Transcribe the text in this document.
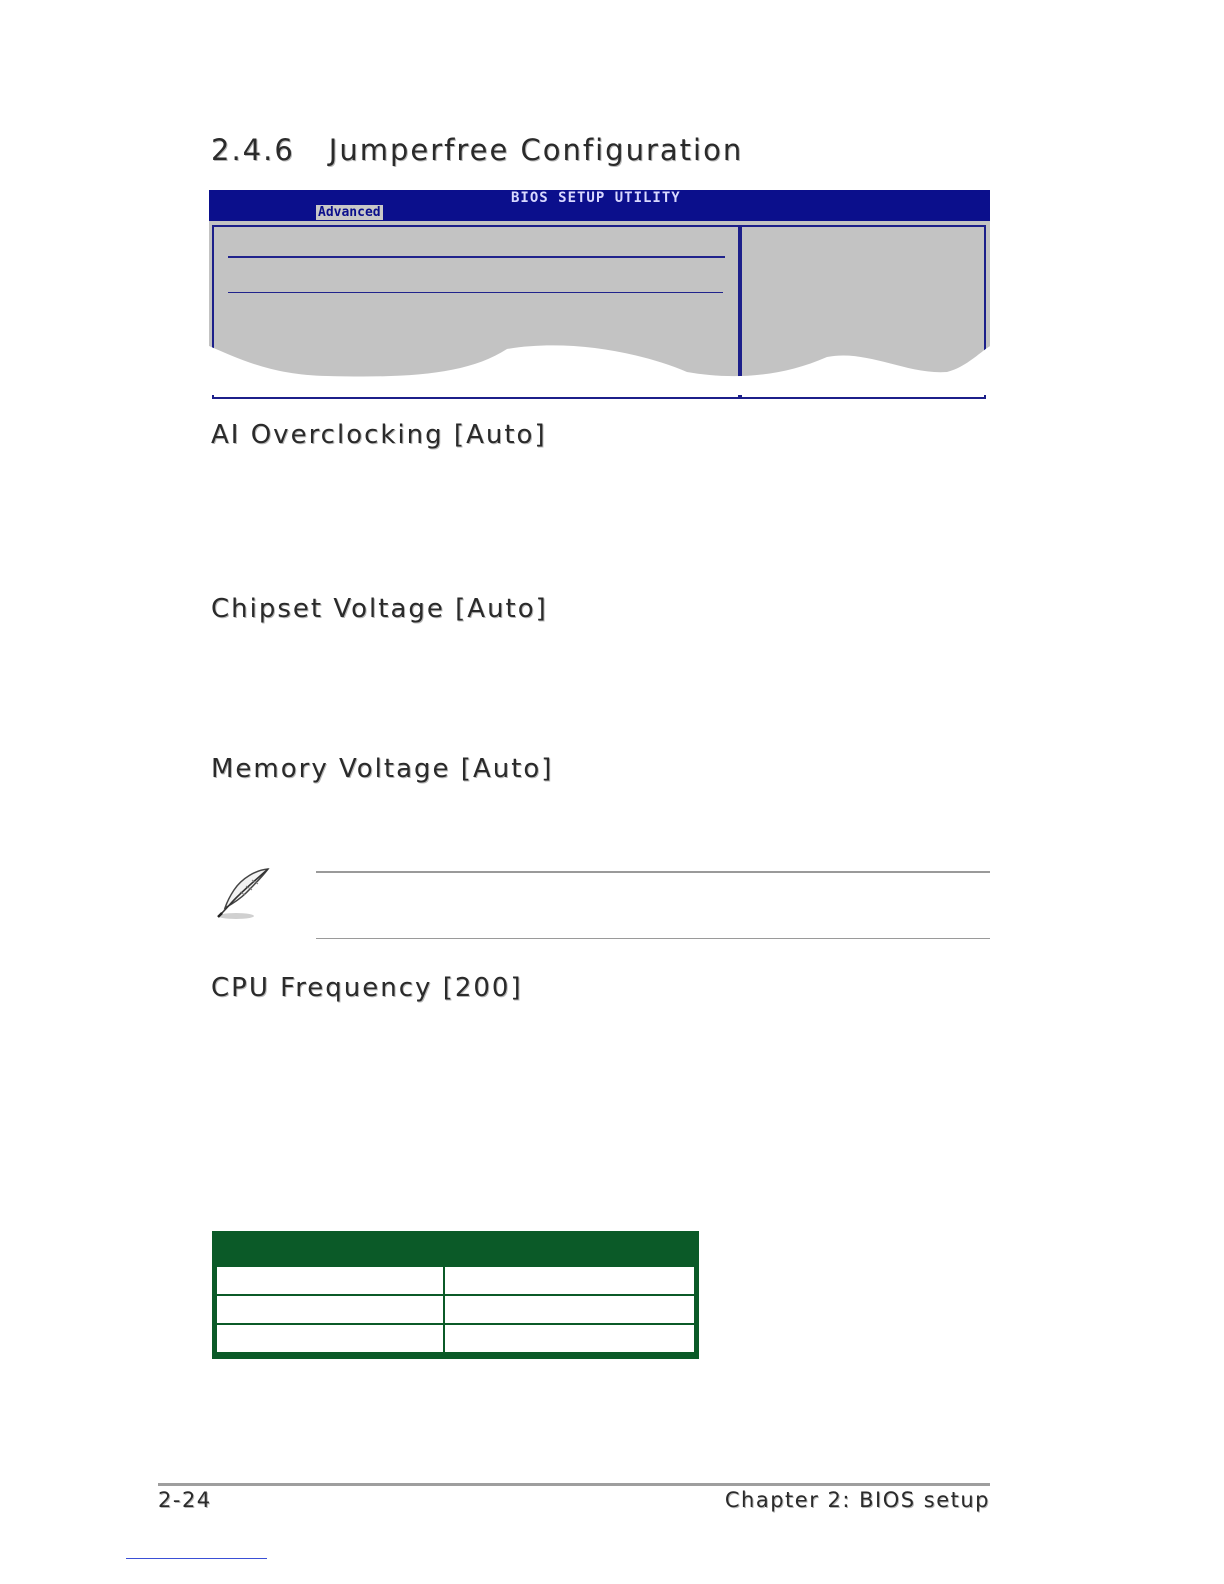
2.4.6 Jumperfree Configuration
Advanced
BIOS SETUP UTILITY
AI Overclocking [Auto]
Chipset Voltage [Auto]
Memory Voltage [Auto]
CPU Frequency [200]
2-24	Chapter 2: BIOS setup
